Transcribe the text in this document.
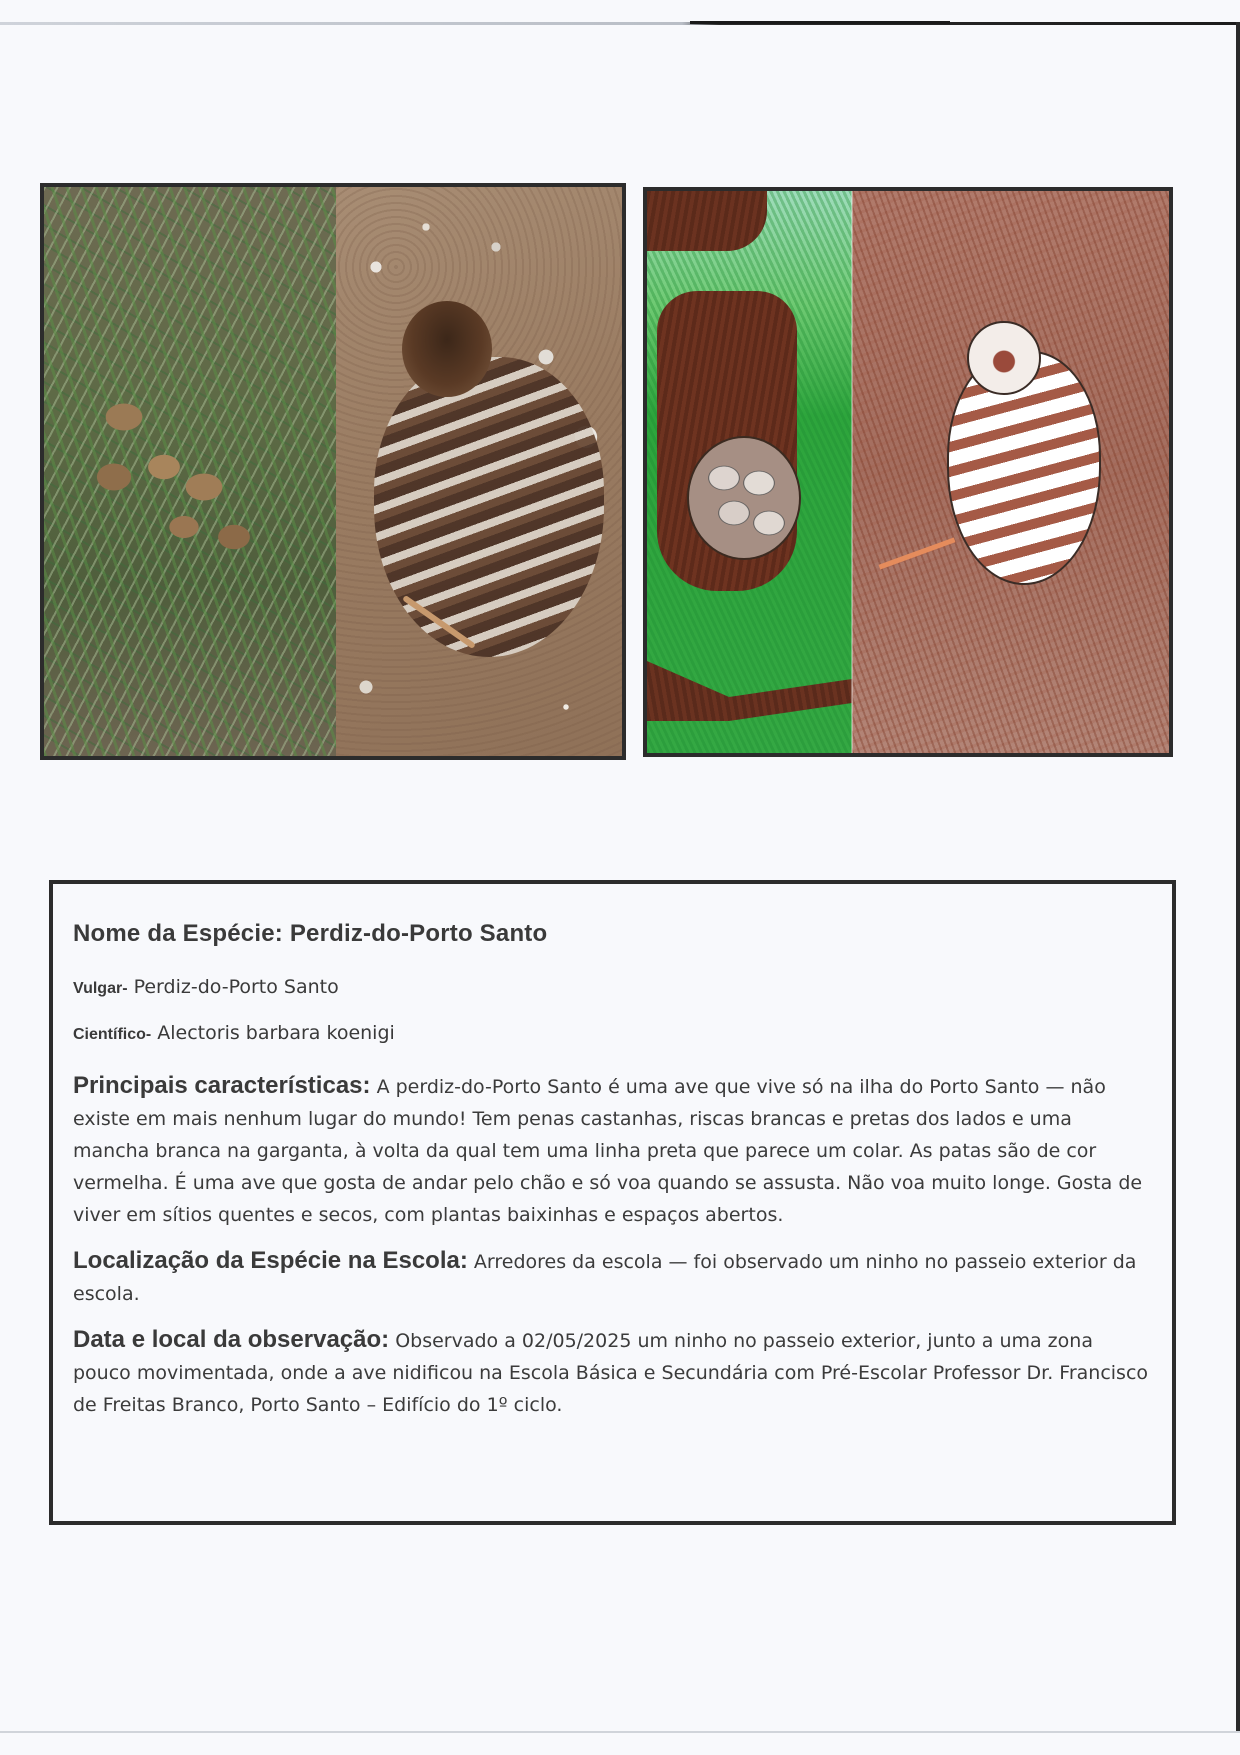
Nome da Espécie: Perdiz-do-Porto Santo
Vulgar- Perdiz-do-Porto Santo
Científico- Alectoris barbara koenigi
Principais características: A perdiz-do-Porto Santo é uma ave que vive só na ilha do Porto Santo — não existe em mais nenhum lugar do mundo! Tem penas castanhas, riscas brancas e pretas dos lados e uma mancha branca na garganta, à volta da qual tem uma linha preta que parece um colar. As patas são de cor vermelha. É uma ave que gosta de andar pelo chão e só voa quando se assusta. Não voa muito longe. Gosta de viver em sítios quentes e secos, com plantas baixinhas e espaços abertos.
Localização da Espécie na Escola: Arredores da escola — foi observado um ninho no passeio exterior da escola.
Data e local da observação: Observado a 02/05/2025 um ninho no passeio exterior, junto a uma zona pouco movimentada, onde a ave nidificou na Escola Básica e Secundária com Pré-Escolar Professor Dr. Francisco de Freitas Branco, Porto Santo – Edifício do 1º ciclo.
